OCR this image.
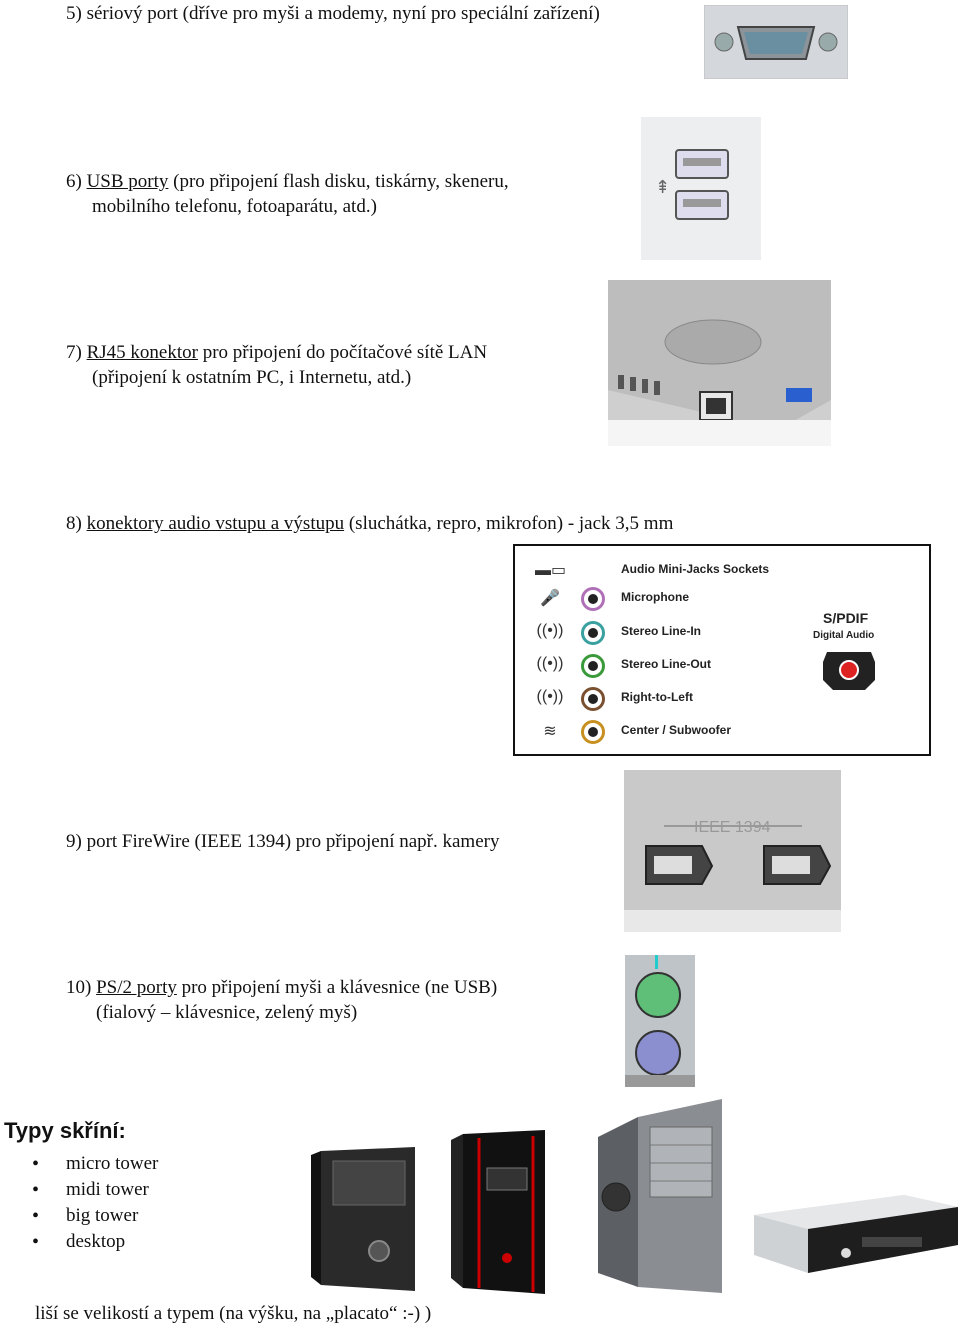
5) sériový port (dříve pro myši a modemy, nyní pro speciální zařízení)
6) USB porty (pro připojení flash disku, tiskárny, skeneru,
mobilního telefonu, fotoaparátu, atd.)
⇞
7) RJ45 konektor pro připojení do počítačové sítě LAN
(připojení k ostatním PC, i Internetu, atd.)
8) konektory audio vstupu a výstupu (sluchátka, repro, mikrofon) - jack 3,5 mm
▬▭	Audio Mini-Jacks Sockets
🎤	Microphone
((•))	Stereo Line-In
((•))	Stereo Line-Out
((•))	Right-to-Left
≋	Center / Subwoofer
S/PDIF
Digital Audio
9) port FireWire (IEEE 1394) pro připojení např. kamery
IEEE 1394
10) PS/2 porty pro připojení myši a klávesnice (ne USB)
(fialový – klávesnice, zelený myš)
Typy skříní:
• micro tower
• midi tower
• big tower
• desktop
liší se velikostí a typem (na výšku, na „placato“ :-) )
